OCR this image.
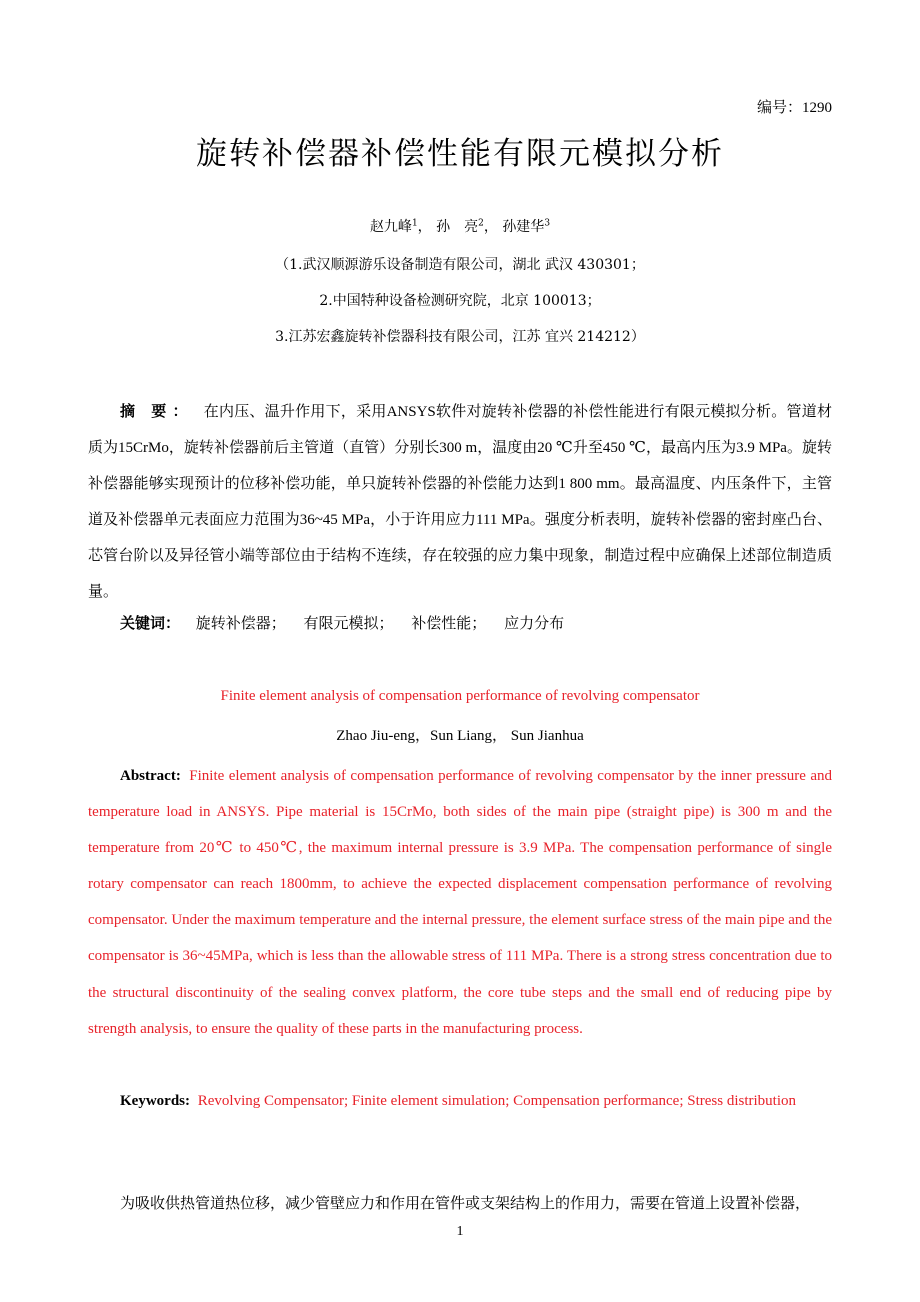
编号：1290
旋转补偿器补偿性能有限元模拟分析
赵九峰$^1$， 孙　亮$^2$， 孙建华$^3$
（1.武汉顺源游乐设备制造有限公司，湖北 武汉 430301；
2.中国特种设备检测研究院，北京 100013；
3.江苏宏鑫旋转补偿器科技有限公司，江苏 宜兴 214212）
摘 要： 在内压、温升作用下，采用ANSYS软件对旋转补偿器的补偿性能进行有限元模拟分析。管道材质为15CrMo，旋转补偿器前后主管道（直管）分别长300 m，温度由20 ℃升至450 ℃，最高内压为3.9 MPa。旋转补偿器能够实现预计的位移补偿功能，单只旋转补偿器的补偿能力达到1 800 mm。最高温度、内压条件下，主管道及补偿器单元表面应力范围为36~45 MPa，小于许用应力111 MPa。强度分析表明，旋转补偿器的密封座凸台、芯管台阶以及异径管小端等部位由于结构不连续，存在较强的应力集中现象，制造过程中应确保上述部位制造质量。
关键词： 旋转补偿器； 有限元模拟； 补偿性能； 应力分布
Finite element analysis of compensation performance of revolving compensator
Zhao Jiu-eng，Sun Liang， Sun Jianhua
Abstract: Finite element analysis of compensation performance of revolving compensator by the inner pressure and temperature load in ANSYS. Pipe material is 15CrMo, both sides of the main pipe (straight pipe) is 300 m and the temperature from 20℃ to 450℃, the maximum internal pressure is 3.9 MPa. The compensation performance of single rotary compensator can reach 1800mm, to achieve the expected displacement compensation performance of revolving compensator. Under the maximum temperature and the internal pressure, the element surface stress of the main pipe and the compensator is 36~45MPa, which is less than the allowable stress of 111 MPa. There is a strong stress concentration due to the structural discontinuity of the sealing convex platform, the core tube steps and the small end of reducing pipe by strength analysis, to ensure the quality of these parts in the manufacturing process.
Keywords: Revolving Compensator; Finite element simulation; Compensation performance; Stress distribution
为吸收供热管道热位移，减少管壁应力和作用在管件或支架结构上的作用力，需要在管道上设置补偿器，
1
